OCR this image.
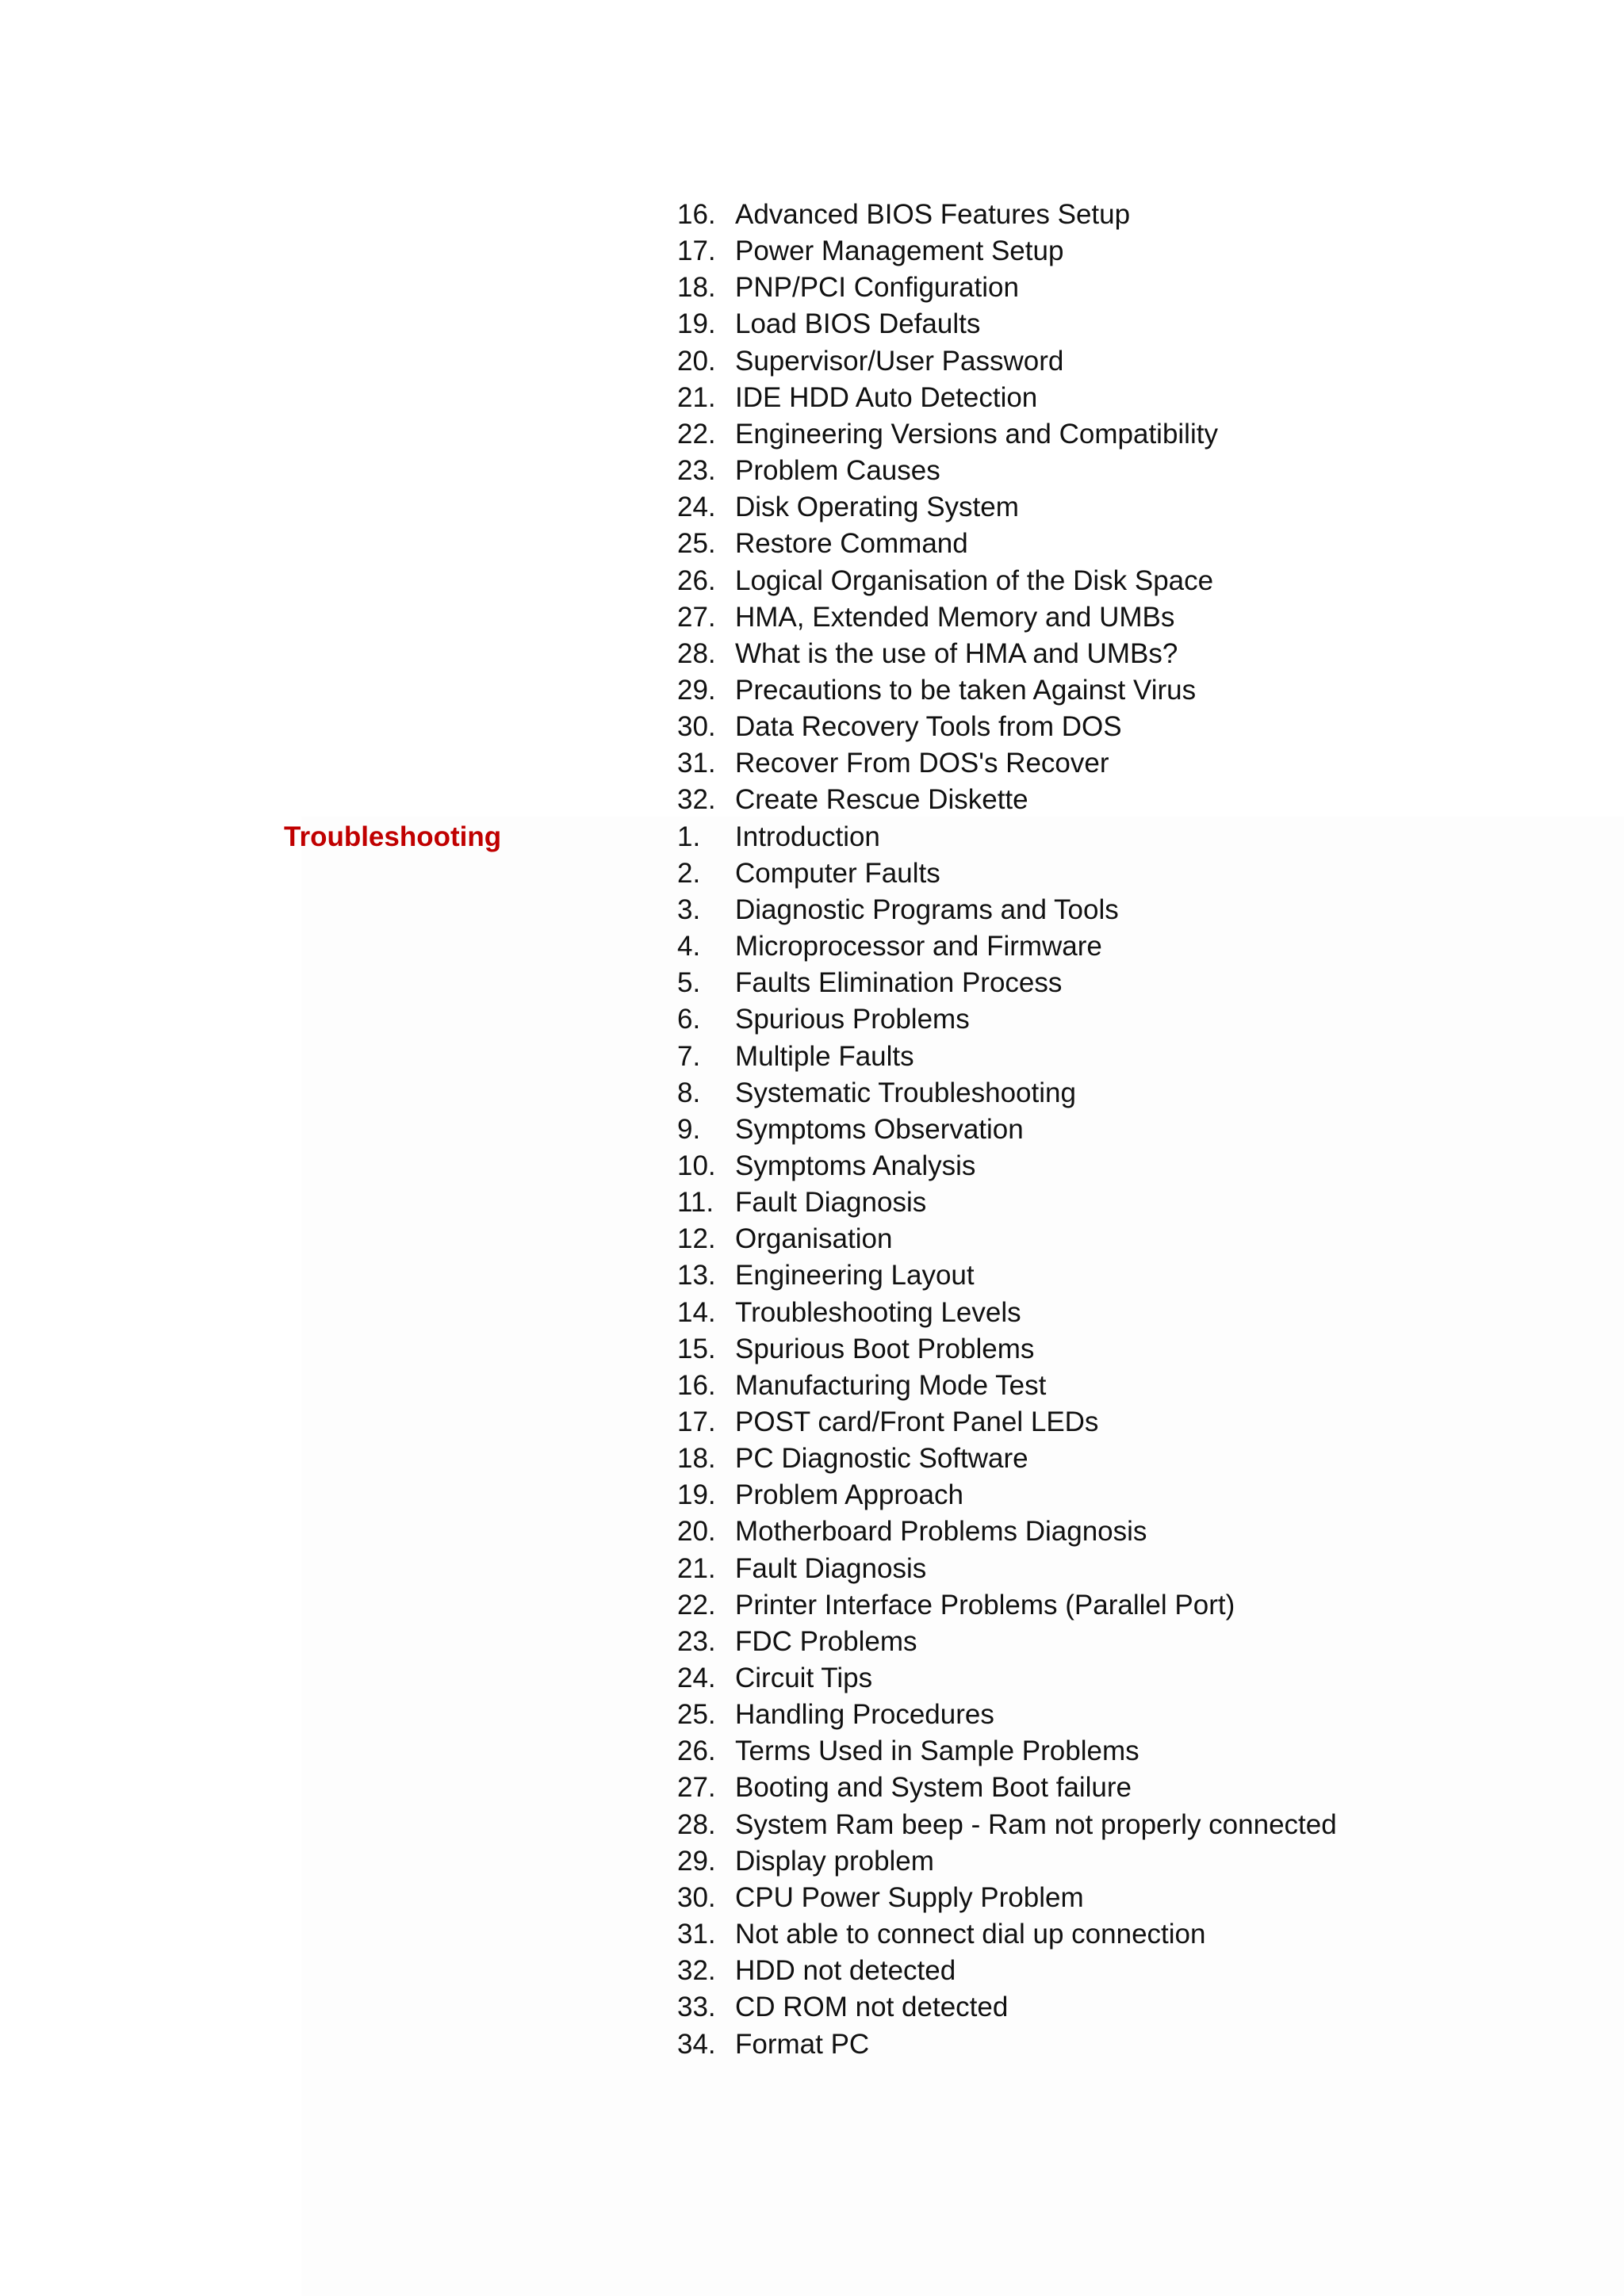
16. Advanced BIOS Features Setup
17. Power Management Setup
18. PNP/PCI Configuration
19. Load BIOS Defaults
20. Supervisor/User Password
21. IDE HDD Auto Detection
22. Engineering Versions and Compatibility
23. Problem Causes
24. Disk Operating System
25. Restore Command
26. Logical Organisation of the Disk Space
27. HMA, Extended Memory and UMBs
28. What is the use of HMA and UMBs?
29. Precautions to be taken Against Virus
30. Data Recovery Tools from DOS
31. Recover From DOS's Recover
32. Create Rescue Diskette
Troubleshooting	1.	Introduction
2.	Computer Faults
3.	Diagnostic Programs and Tools
4.	Microprocessor and Firmware
5.	Faults Elimination Process
6.	Spurious Problems
7.	Multiple Faults
8.	Systematic Troubleshooting
9.	Symptoms Observation
10. Symptoms Analysis
11. Fault Diagnosis
12. Organisation
13. Engineering Layout
14. Troubleshooting Levels
15. Spurious Boot Problems
16. Manufacturing Mode Test
17. POST card/Front Panel LEDs
18. PC Diagnostic Software
19. Problem Approach
20. Motherboard Problems Diagnosis
21. Fault Diagnosis
22. Printer Interface Problems (Parallel Port)
23. FDC Problems
24. Circuit Tips
25. Handling Procedures
26. Terms Used in Sample Problems
27. Booting and System Boot failure
28. System Ram beep - Ram not properly connected
29. Display problem
30. CPU Power Supply Problem
31. Not able to connect dial up connection
32. HDD not detected
33. CD ROM not detected
34. Format PC
